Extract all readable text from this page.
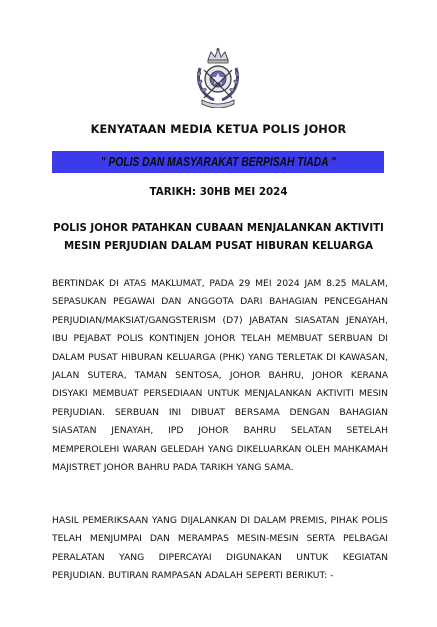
KENYATAAN MEDIA KETUA POLIS JOHOR
" POLIS DAN MASYARAKAT BERPISAH TIADA "
TARIKH: 30HB MEI 2024
POLIS JOHOR PATAHKAN CUBAAN MENJALANKAN AKTIVITI
MESIN PERJUDIAN DALAM PUSAT HIBURAN KELUARGA
BERTINDAK DI ATAS MAKLUMAT, PADA 29 MEI 2024 JAM 8.25 MALAM,
SEPASUKAN PEGAWAI DAN ANGGOTA DARI BAHAGIAN PENCEGAHAN
PERJUDIAN/MAKSIAT/GANGSTERISM (D7) JABATAN SIASATAN JENAYAH,
IBU PEJABAT POLIS KONTINJEN JOHOR TELAH MEMBUAT SERBUAN DI
DALAM PUSAT HIBURAN KELUARGA (PHK) YANG TERLETAK DI KAWASAN,
JALAN SUTERA, TAMAN SENTOSA, JOHOR BAHRU, JOHOR KERANA
DISYAKI MEMBUAT PERSEDIAAN UNTUK MENJALANKAN AKTIVITI MESIN
PERJUDIAN. SERBUAN INI DIBUAT BERSAMA DENGAN BAHAGIAN
SIASATAN JENAYAH, IPD JOHOR BAHRU SELATAN SETELAH
MEMPEROLEHI WARAN GELEDAH YANG DIKELUARKAN OLEH MAHKAMAH
MAJISTRET JOHOR BAHRU PADA TARIKH YANG SAMA.
HASIL PEMERIKSAAN YANG DIJALANKAN DI DALAM PREMIS, PIHAK POLIS
TELAH MENJUMPAI DAN MERAMPAS MESIN-MESIN SERTA PELBAGAI
PERALATAN YANG DIPERCAYAI DIGUNAKAN UNTUK KEGIATAN
PERJUDIAN. BUTIRAN RAMPASAN ADALAH SEPERTI BERIKUT: -
